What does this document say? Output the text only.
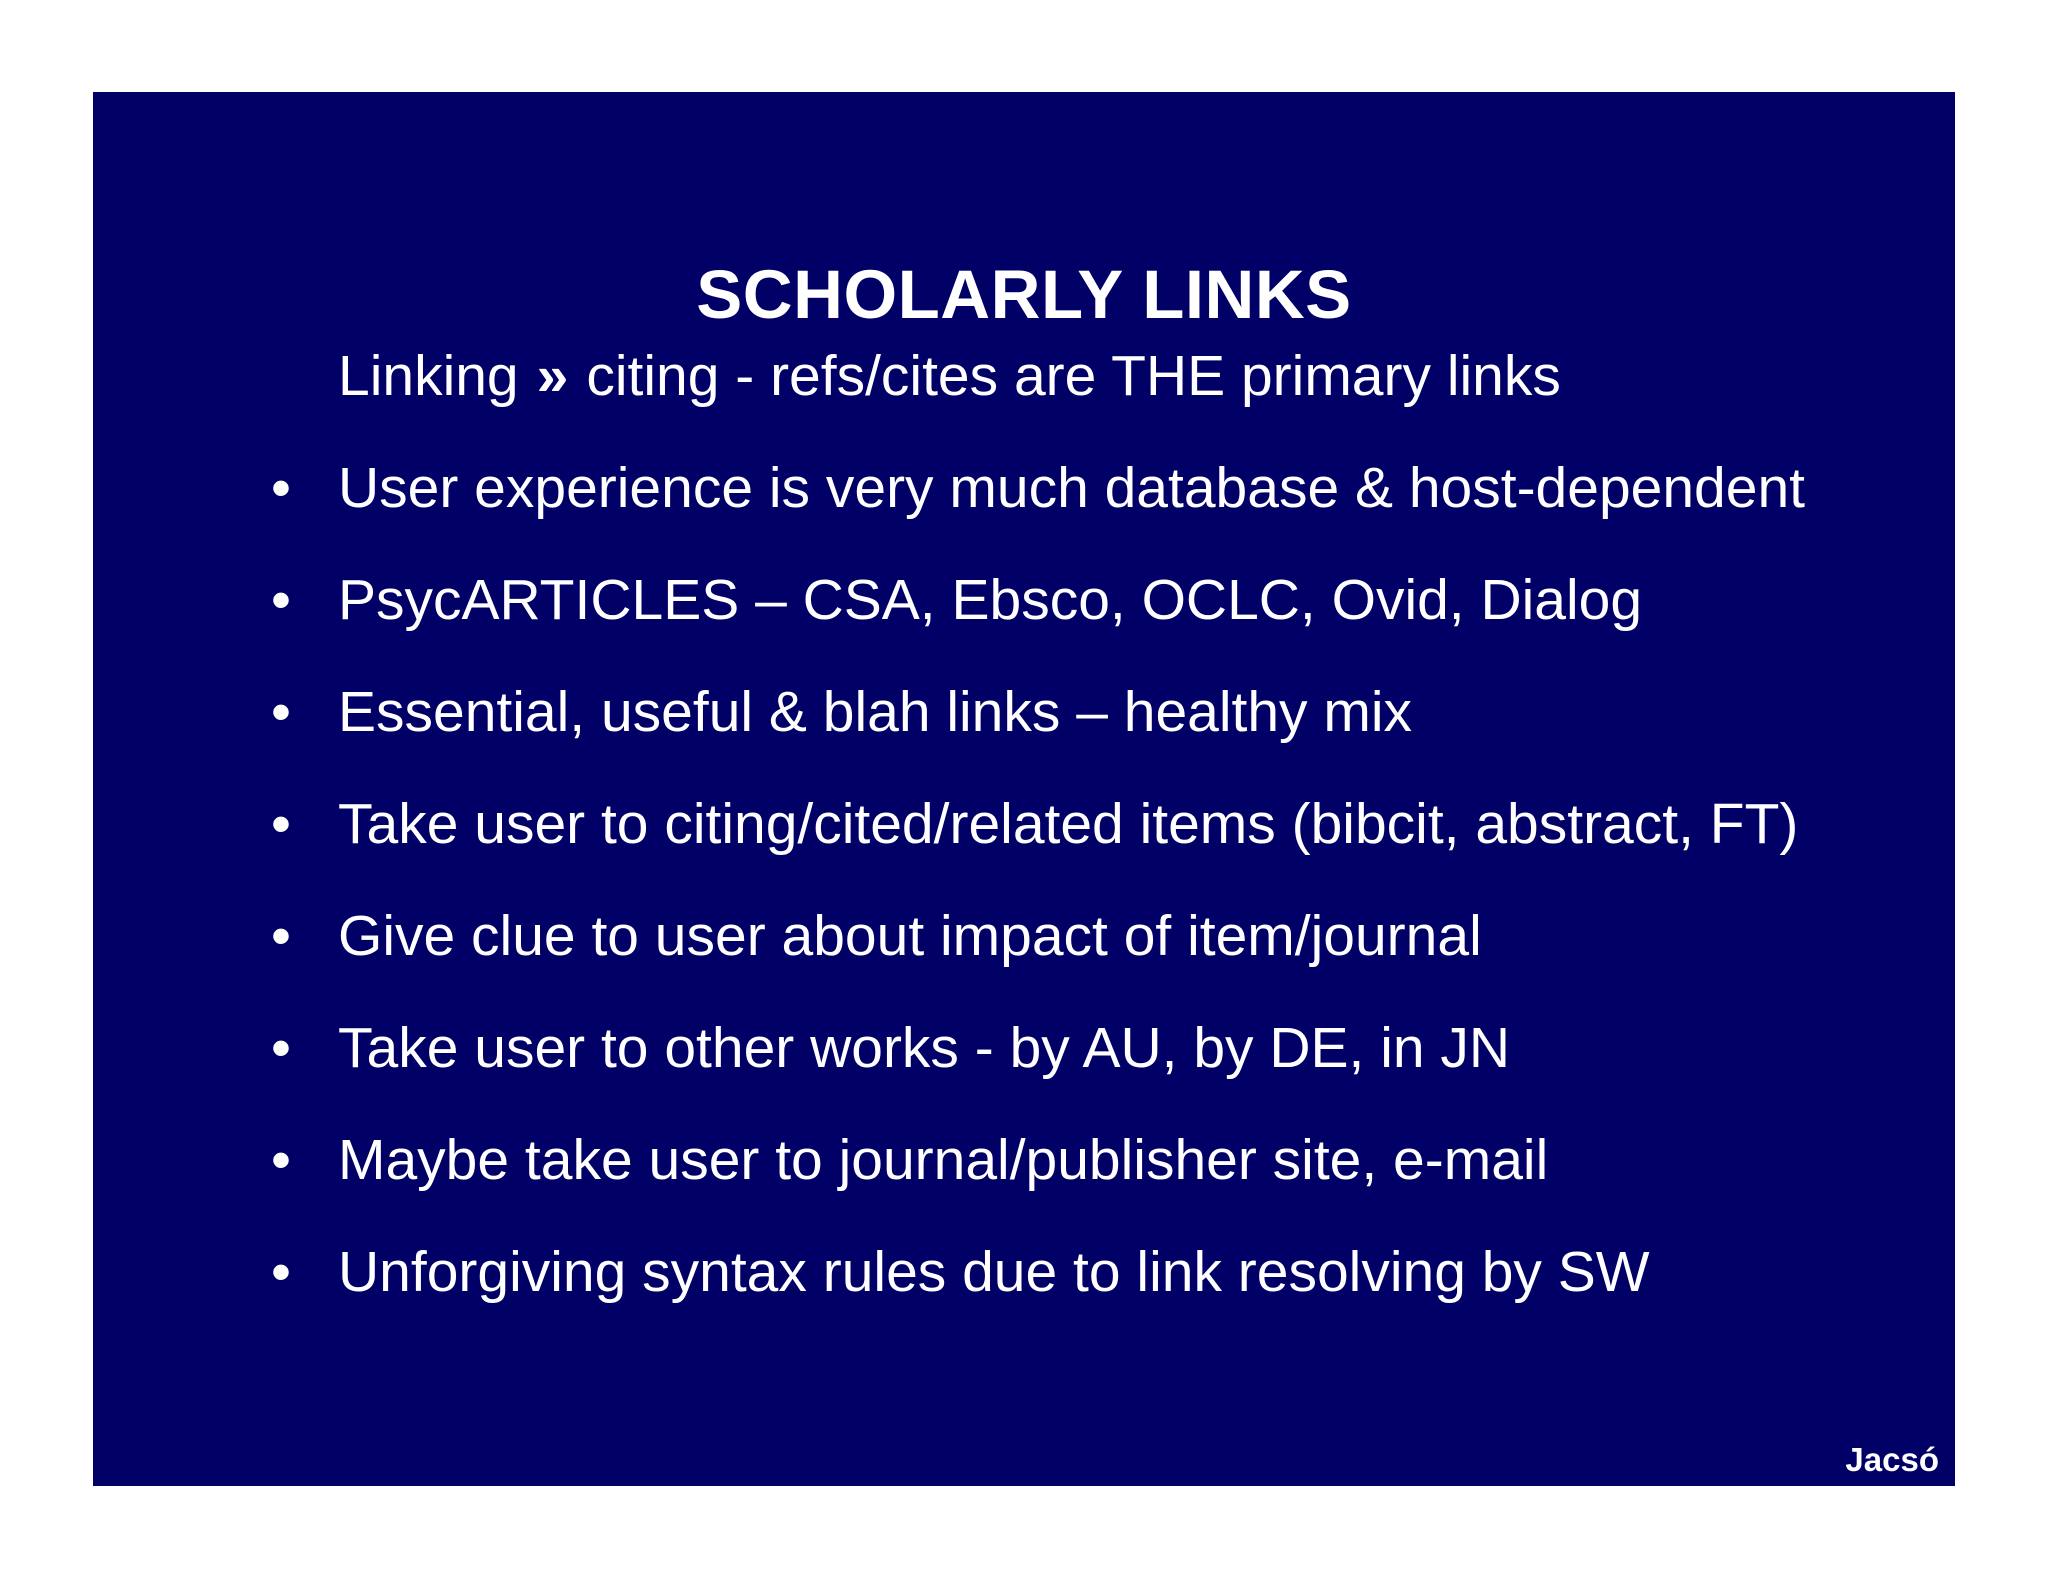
SCHOLARLY LINKS
Linking » citing - refs/cites are THE primary links
• User experience is very much database & host-dependent
• PsycARTICLES – CSA, Ebsco, OCLC, Ovid, Dialog
• Essential, useful & blah links – healthy mix
• Take user to citing/cited/related items (bibcit, abstract, FT)
• Give clue to user about impact of item/journal
• Take user to other works - by AU, by DE, in JN
• Maybe take user to journal/publisher site, e-mail
• Unforgiving syntax rules due to link resolving by SW
Jacsó
